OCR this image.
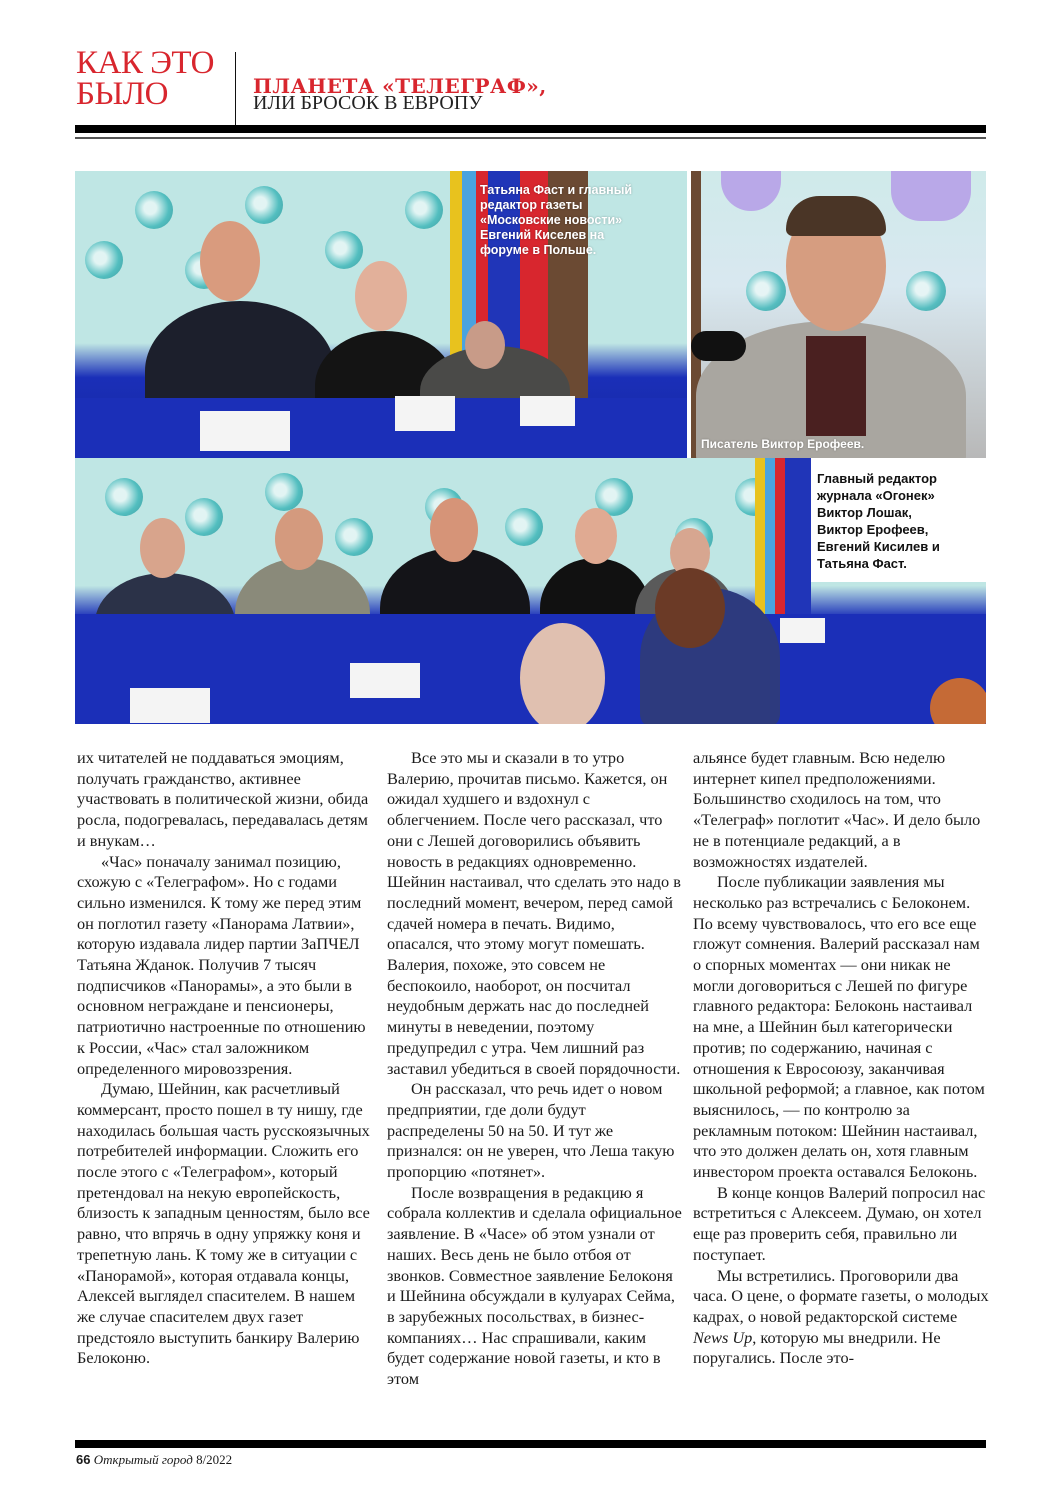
КАК ЭТО
БЫЛО	ПЛАНЕТА «ТЕЛЕГРАФ»,
ИЛИ БРОСОК В ЕВРОПУ
Татьяна Фаст и главный
редактор газеты
«Московские новости»
Евгений Киселев на
форуме в Польше.
Писатель Виктор Ерофеев.
Главный редактор
журнала «Огонек»
Виктор Лошак,
Виктор Ерофеев,
Евгений Кисилев и
Татьяна Фаст.

их читателей не поддаваться эмоциям, получать гражданство, активнее участвовать в политической жизни, обида росла, подогревалась, передавалась детям и внукам…

«Час» поначалу занимал позицию, схожую с «Телеграфом». Но с годами сильно изменился. К тому же перед этим он поглотил газету «Панорама Латвии», которую издавала лидер партии ЗаПЧЕЛ Татьяна Жданок. Получив 7 тысяч подписчиков «Панорамы», а это были в основном неграждане и пенсионеры, патриотично настроенные по отношению к России, «Час» стал заложником определенного мировоззрения.

Думаю, Шейнин, как расчетливый коммерсант, просто пошел в ту нишу, где находилась большая часть русскоязычных потребителей информации. Сложить его после этого с «Телеграфом», который претендовал на некую европейскость, близость к западным ценностям, было все равно, что впрячь в одну упряжку коня и трепетную лань. К тому же в ситуации с «Панорамой», которая отдавала концы, Алексей выглядел спасителем. В нашем же случае спасителем двух газет предстояло выступить банкиру Валерию Белоконю.

Все это мы и сказали в то утро Валерию, прочитав письмо. Кажется, он ожидал худшего и вздохнул с облегчением. После чего рассказал, что они с Лешей договорились объявить новость в редакциях одновременно. Шейнин настаивал, что сделать это надо в последний момент, вечером, перед самой сдачей номера в печать. Видимо, опасался, что этому могут помешать. Валерия, похоже, это совсем не беспокоило, наоборот, он посчитал неудобным держать нас до последней минуты в неведении, поэтому предупредил с утра. Чем лишний раз заставил убедиться в своей порядочности.

Он рассказал, что речь идет о новом предприятии, где доли будут распределены 50 на 50. И тут же признался: он не уверен, что Леша такую пропорцию «потянет».

После возвращения в редакцию я собрала коллектив и сделала официальное заявление. В «Часе» об этом узнали от наших. Весь день не было отбоя от звонков. Совместное заявление Белоконя и Шейнина обсуждали в кулуарах Сейма, в зарубежных посольствах, в бизнес-компаниях… Нас спрашивали, каким будет содержание новой газеты, и кто в этом

альянсе будет главным. Всю неделю интернет кипел предположениями. Большинство сходилось на том, что «Телеграф» поглотит «Час». И дело было не в потенциале редакций, а в возможностях издателей.

После публикации заявления мы несколько раз встречались с Белоконем. По всему чувствовалось, что его все еще гложут сомнения. Валерий рассказал нам о спорных моментах — они никак не могли договориться с Лешей по фигуре главного редактора: Белоконь настаивал на мне, а Шейнин был категорически против; по содержанию, начиная с отношения к Евросоюзу, заканчивая школьной реформой; а главное, как потом выяснилось, — по контролю за рекламным потоком: Шейнин настаивал, что это должен делать он, хотя главным инвестором проекта оставался Белоконь.

В конце концов Валерий попросил нас встретиться с Алексеем. Думаю, он хотел еще раз проверить себя, правильно ли поступает.

Мы встретились. Проговорили два часа. О цене, о формате газеты, о молодых кадрах, о новой редакторской системе News Up, которую мы внедрили. Не поругались. После это-

66 Открытый город 8/2022
